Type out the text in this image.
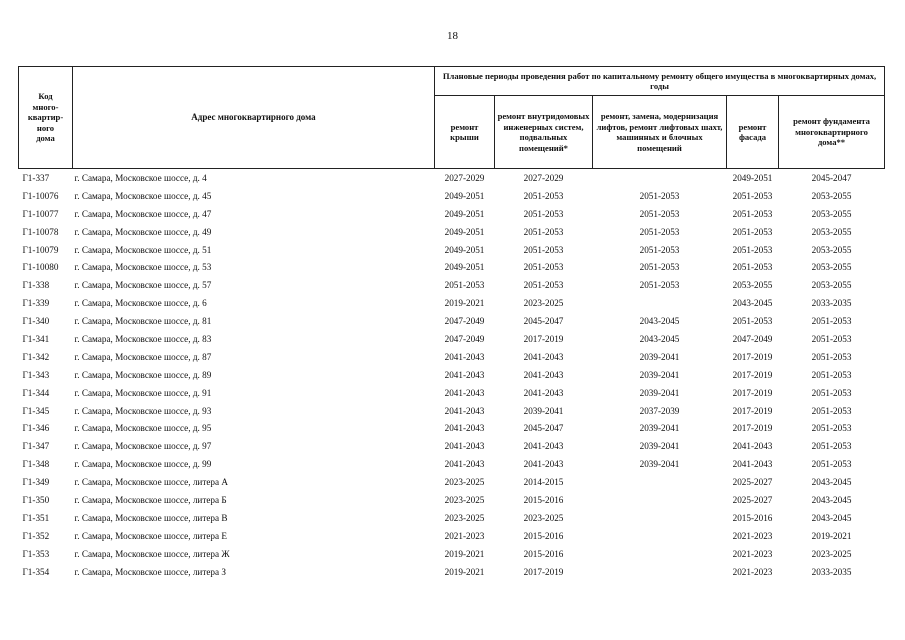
18
Код
много-
квартир-
ного
дома	Адрес многоквартирного дома	Плановые периоды проведения работ по капитальному ремонту общего имущества в многоквартирных домах, годы				
		ремонт крыши	ремонт внутридомовых инженерных систем, подвальных помещений*	ремонт, замена, модернизация лифтов, ремонт лифтовых шахт, машинных и блочных помещений	ремонт фасада	ремонт фундамента многоквартирного дома**
Г1-337	г. Самара, Московское шоссе, д. 4	2027-2029	2027-2029		2049-2051	2045-2047
Г1-10076	г. Самара, Московское шоссе, д. 45	2049-2051	2051-2053	2051-2053	2051-2053	2053-2055
Г1-10077	г. Самара, Московское шоссе, д. 47	2049-2051	2051-2053	2051-2053	2051-2053	2053-2055
Г1-10078	г. Самара, Московское шоссе, д. 49	2049-2051	2051-2053	2051-2053	2051-2053	2053-2055
Г1-10079	г. Самара, Московское шоссе, д. 51	2049-2051	2051-2053	2051-2053	2051-2053	2053-2055
Г1-10080	г. Самара, Московское шоссе, д. 53	2049-2051	2051-2053	2051-2053	2051-2053	2053-2055
Г1-338	г. Самара, Московское шоссе, д. 57	2051-2053	2051-2053	2051-2053	2053-2055	2053-2055
Г1-339	г. Самара, Московское шоссе, д. 6	2019-2021	2023-2025		2043-2045	2033-2035
Г1-340	г. Самара, Московское шоссе, д. 81	2047-2049	2045-2047	2043-2045	2051-2053	2051-2053
Г1-341	г. Самара, Московское шоссе, д. 83	2047-2049	2017-2019	2043-2045	2047-2049	2051-2053
Г1-342	г. Самара, Московское шоссе, д. 87	2041-2043	2041-2043	2039-2041	2017-2019	2051-2053
Г1-343	г. Самара, Московское шоссе, д. 89	2041-2043	2041-2043	2039-2041	2017-2019	2051-2053
Г1-344	г. Самара, Московское шоссе, д. 91	2041-2043	2041-2043	2039-2041	2017-2019	2051-2053
Г1-345	г. Самара, Московское шоссе, д. 93	2041-2043	2039-2041	2037-2039	2017-2019	2051-2053
Г1-346	г. Самара, Московское шоссе, д. 95	2041-2043	2045-2047	2039-2041	2017-2019	2051-2053
Г1-347	г. Самара, Московское шоссе, д. 97	2041-2043	2041-2043	2039-2041	2041-2043	2051-2053
Г1-348	г. Самара, Московское шоссе, д. 99	2041-2043	2041-2043	2039-2041	2041-2043	2051-2053
Г1-349	г. Самара, Московское шоссе, литера А	2023-2025	2014-2015		2025-2027	2043-2045
Г1-350	г. Самара, Московское шоссе, литера Б	2023-2025	2015-2016		2025-2027	2043-2045
Г1-351	г. Самара, Московское шоссе, литера В	2023-2025	2023-2025		2015-2016	2043-2045
Г1-352	г. Самара, Московское шоссе, литера Е	2021-2023	2015-2016		2021-2023	2019-2021
Г1-353	г. Самара, Московское шоссе, литера Ж	2019-2021	2015-2016		2021-2023	2023-2025
Г1-354	г. Самара, Московское шоссе, литера З	2019-2021	2017-2019		2021-2023	2033-2035
